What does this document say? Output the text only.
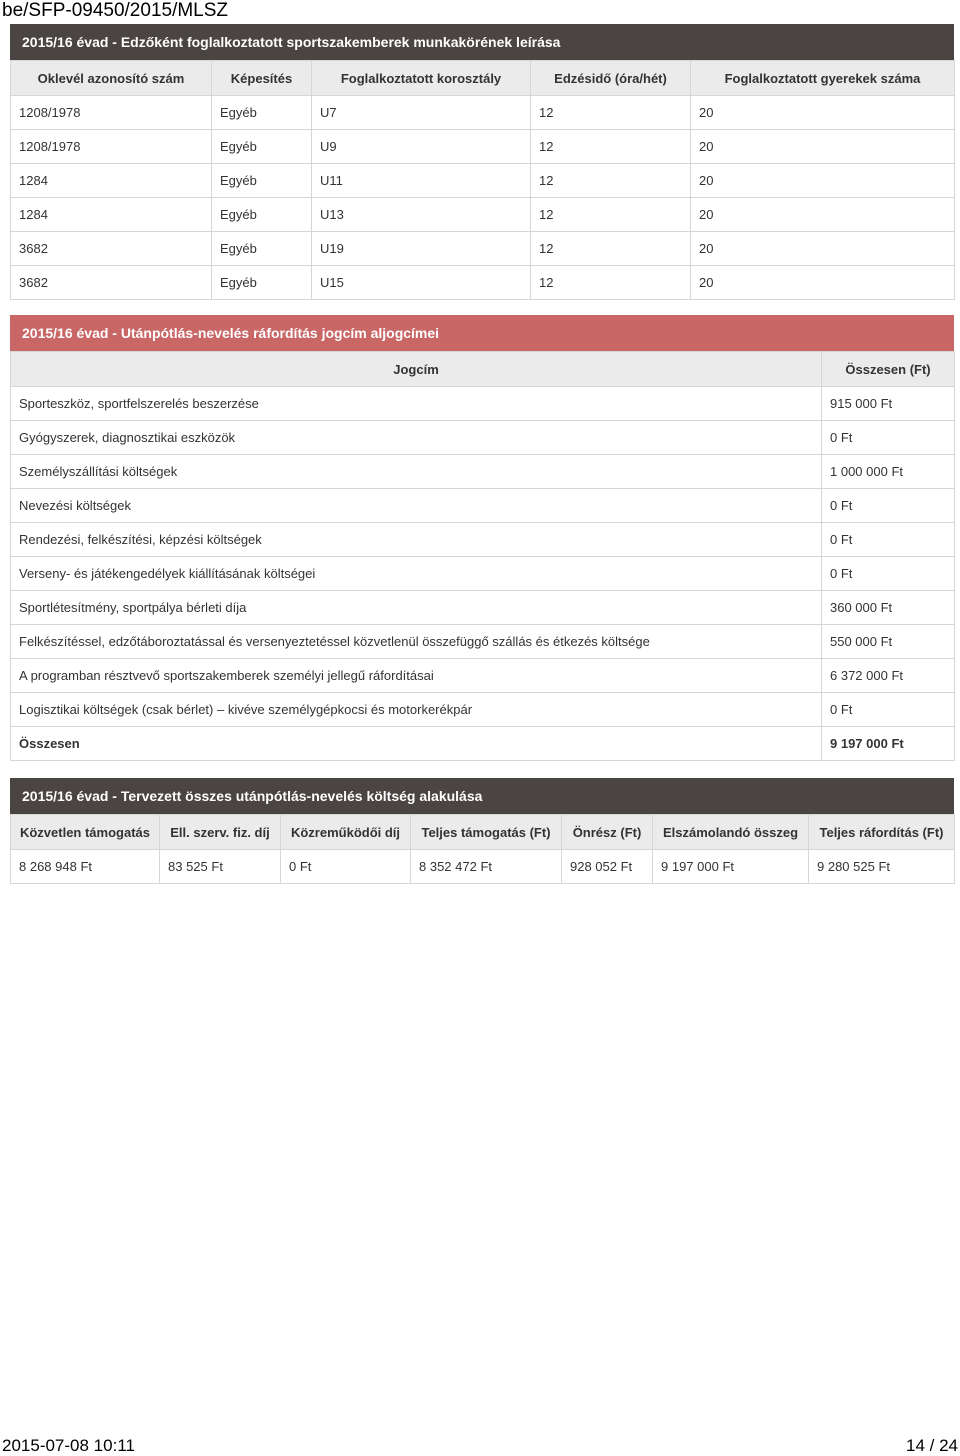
be/SFP-09450/2015/MLSZ
2015/16 évad - Edzőként foglalkoztatott sportszakemberek munkakörének leírása
Oklevél azonosító szám	Képesítés	Foglalkoztatott korosztály	Edzésidő (óra/hét)	Foglalkoztatott gyerekek száma
1208/1978	Egyéb	U7	12	20
1208/1978	Egyéb	U9	12	20
1284	Egyéb	U11	12	20
1284	Egyéb	U13	12	20
3682	Egyéb	U19	12	20
3682	Egyéb	U15	12	20
2015/16 évad - Utánpótlás-nevelés ráfordítás jogcím aljogcímei
Jogcím	Összesen (Ft)
Sporteszköz, sportfelszerelés beszerzése	915 000 Ft
Gyógyszerek, diagnosztikai eszközök	0 Ft
Személyszállítási költségek	1 000 000 Ft
Nevezési költségek	0 Ft
Rendezési, felkészítési, képzési költségek	0 Ft
Verseny- és játékengedélyek kiállításának költségei	0 Ft
Sportlétesítmény, sportpálya bérleti díja	360 000 Ft
Felkészítéssel, edzőtáboroztatással és versenyeztetéssel közvetlenül összefüggő szállás és étkezés költsége	550 000 Ft
A programban résztvevő sportszakemberek személyi jellegű ráfordításai	6 372 000 Ft
Logisztikai költségek (csak bérlet) – kivéve személygépkocsi és motorkerékpár	0 Ft
Összesen	9 197 000 Ft
2015/16 évad - Tervezett összes utánpótlás-nevelés költség alakulása
Közvetlen támogatás	Ell. szerv. fiz. díj	Közreműködői díj	Teljes támogatás (Ft)	Önrész (Ft)	Elszámolandó összeg	Teljes ráfordítás (Ft)
8 268 948 Ft	83 525 Ft	0 Ft	8 352 472 Ft	928 052 Ft	9 197 000 Ft	9 280 525 Ft
2015-07-08 10:11	14 / 24
